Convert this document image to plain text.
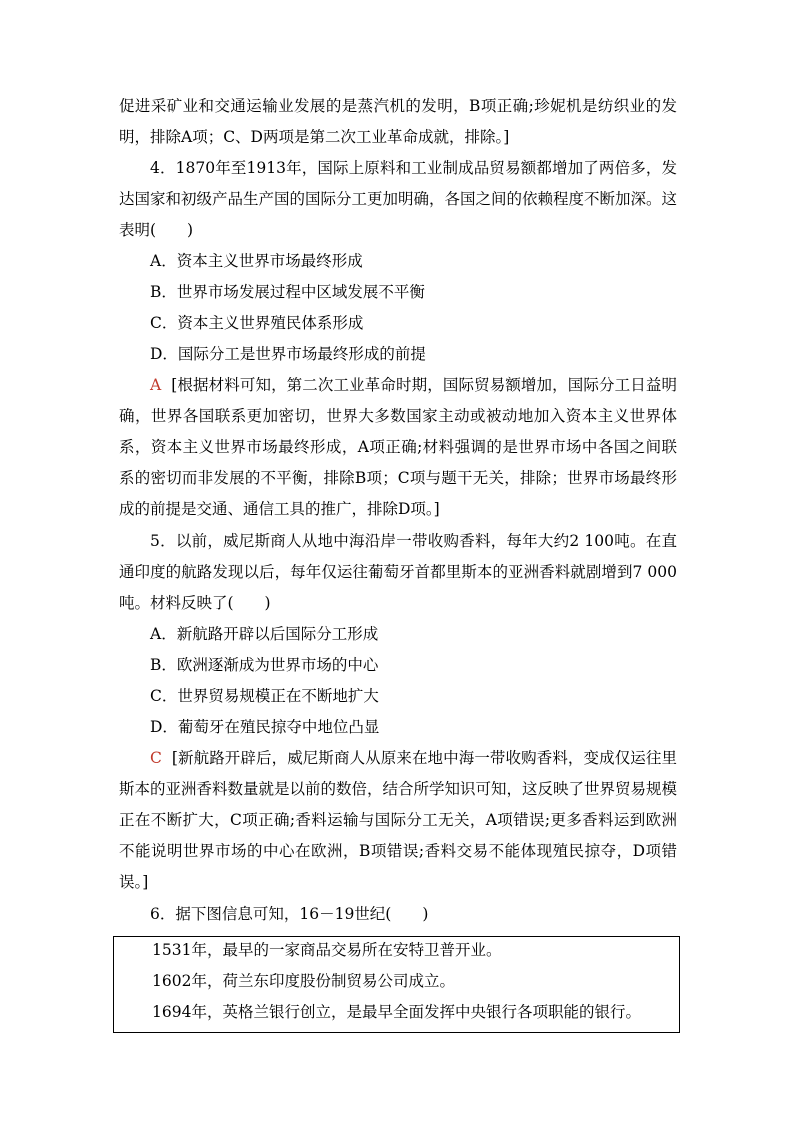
促进采矿业和交通运输业发展的是蒸汽机的发明，B项正确;珍妮机是纺织业的发明，排除A项；C、D两项是第二次工业革命成就，排除。]
4．1870年至1913年，国际上原料和工业制成品贸易额都增加了两倍多，发达国家和初级产品生产国的国际分工更加明确，各国之间的依赖程度不断加深。这表明(　　)
A．资本主义世界市场最终形成
B．世界市场发展过程中区域发展不平衡
C．资本主义世界殖民体系形成
D．国际分工是世界市场最终形成的前提
A [根据材料可知，第二次工业革命时期，国际贸易额增加，国际分工日益明确，世界各国联系更加密切，世界大多数国家主动或被动地加入资本主义世界体系，资本主义世界市场最终形成，A项正确;材料强调的是世界市场中各国之间联系的密切而非发展的不平衡，排除B项；C项与题干无关，排除；世界市场最终形成的前提是交通、通信工具的推广，排除D项。]
5．以前，威尼斯商人从地中海沿岸一带收购香料，每年大约2 100吨。在直通印度的航路发现以后，每年仅运往葡萄牙首都里斯本的亚洲香料就剧增到7 000吨。材料反映了(　　)
A．新航路开辟以后国际分工形成
B．欧洲逐渐成为世界市场的中心
C．世界贸易规模正在不断地扩大
D．葡萄牙在殖民掠夺中地位凸显
C [新航路开辟后，威尼斯商人从原来在地中海一带收购香料，变成仅运往里斯本的亚洲香料数量就是以前的数倍，结合所学知识可知，这反映了世界贸易规模正在不断扩大，C项正确;香料运输与国际分工无关，A项错误;更多香料运到欧洲不能说明世界市场的中心在欧洲，B项错误;香料交易不能体现殖民掠夺，D项错误。]
6．据下图信息可知，16－19世纪(　　)
1531年，最早的一家商品交易所在安特卫普开业。
1602年，荷兰东印度股份制贸易公司成立。
1694年，英格兰银行创立，是最早全面发挥中央银行各项职能的银行。
